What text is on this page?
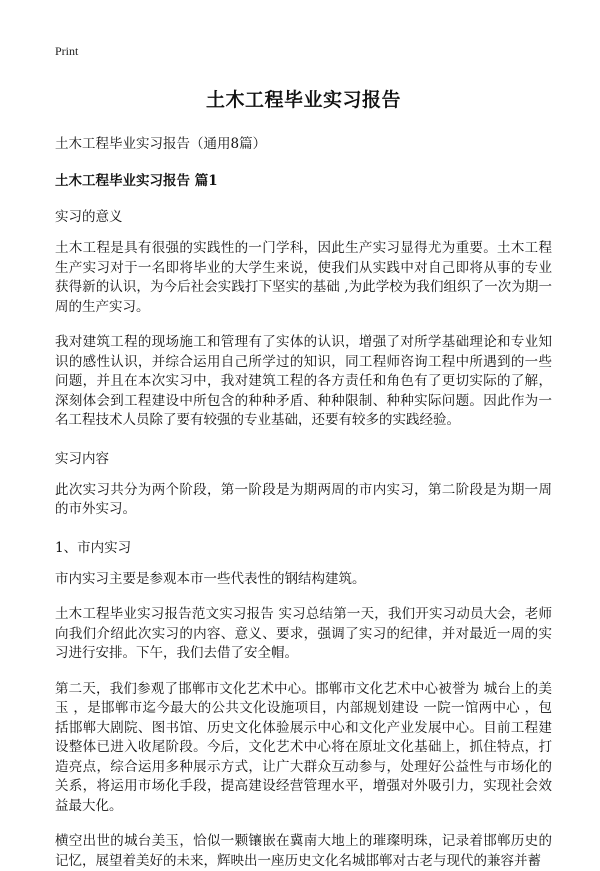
Print
土木工程毕业实习报告

土木工程毕业实习报告（通用8篇）

土木工程毕业实习报告 篇1

实习的意义

土木工程是具有很强的实践性的一门学科，因此生产实习显得尤为重要。土木工程生产实习对于一名即将毕业的大学生来说，使我们从实践中对自己即将从事的专业获得新的认识，为今后社会实践打下坚实的基础 ,为此学校为我们组织了一次为期一周的生产实习。

我对建筑工程的现场施工和管理有了实体的认识，增强了对所学基础理论和专业知识的感性认识，并综合运用自己所学过的知识，同工程师咨询工程中所遇到的一些问题，并且在本次实习中，我对建筑工程的各方责任和角色有了更切实际的了解，深刻体会到工程建设中所包含的种种矛盾、种种限制、种种实际问题。因此作为一名工程技术人员除了要有较强的专业基础，还要有较多的实践经验。

实习内容

此次实习共分为两个阶段，第一阶段是为期两周的市内实习，第二阶段是为期一周的市外实习。

1、市内实习

市内实习主要是参观本市一些代表性的钢结构建筑。

土木工程毕业实习报告范文实习报告 实习总结第一天，我们开实习动员大会，老师向我们介绍此次实习的内容、意义、要求，强调了实习的纪律，并对最近一周的实习进行安排。下午，我们去借了安全帽。

第二天，我们参观了邯郸市文化艺术中心。邯郸市文化艺术中心被誉为 城台上的美玉 ，是邯郸市迄今最大的公共文化设施项目，内部规划建设 一院一馆两中心 ，包括邯郸大剧院、图书馆、历史文化体验展示中心和文化产业发展中心。目前工程建设整体已进入收尾阶段。今后，文化艺术中心将在原址文化基础上，抓住特点，打造亮点，综合运用多种展示方式，让广大群众互动参与，处理好公益性与市场化的关系，将运用市场化手段，提高建设经营管理水平，增强对外吸引力，实现社会效益最大化。

横空出世的城台美玉，恰似一颗镶嵌在冀南大地上的璀璨明珠，记录着邯郸历史的记忆，展望着美好的未来，辉映出一座历史文化名城邯郸对古老与现代的兼容并蓄
